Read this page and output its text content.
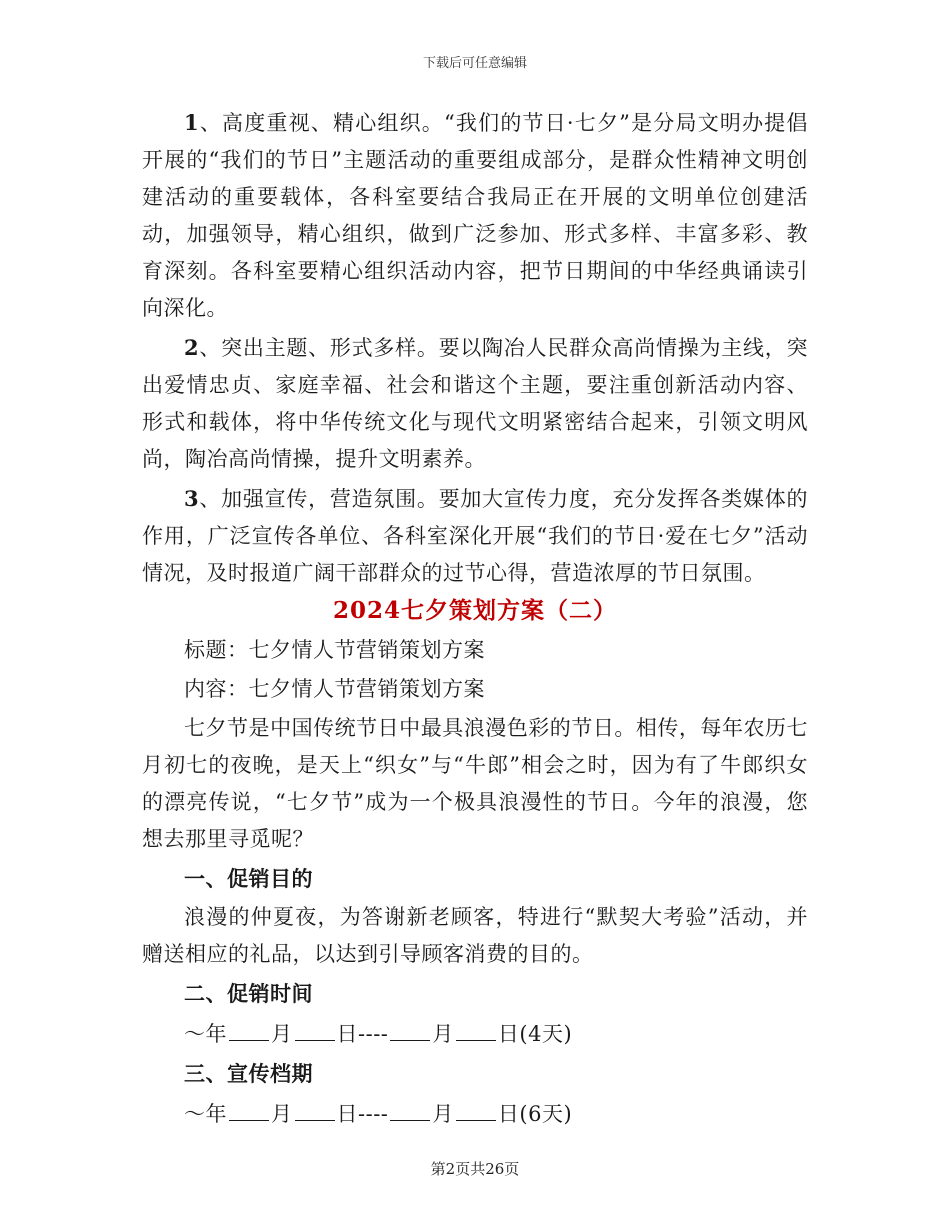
下载后可任意编辑

1、高度重视、精心组织。“我们的节日·七夕”是分局文明办提倡开展的“我们的节日”主题活动的重要组成部分，是群众性精神文明创建活动的重要载体，各科室要结合我局正在开展的文明单位创建活动，加强领导，精心组织，做到广泛参加、形式多样、丰富多彩、教育深刻。各科室要精心组织活动内容，把节日期间的中华经典诵读引向深化。

2、突出主题、形式多样。要以陶冶人民群众高尚情操为主线，突出爱情忠贞、家庭幸福、社会和谐这个主题，要注重创新活动内容、形式和载体，将中华传统文化与现代文明紧密结合起来，引领文明风尚，陶冶高尚情操，提升文明素养。

3、加强宣传，营造氛围。要加大宣传力度，充分发挥各类媒体的作用，广泛宣传各单位、各科室深化开展“我们的节日·爱在七夕”活动情况，及时报道广阔干部群众的过节心得，营造浓厚的节日氛围。

2024七夕策划方案（二）

标题：七夕情人节营销策划方案

内容：七夕情人节营销策划方案

七夕节是中国传统节日中最具浪漫色彩的节日。相传，每年农历七月初七的夜晚，是天上“织女”与“牛郎”相会之时，因为有了牛郎织女的漂亮传说，“七夕节”成为一个极具浪漫性的节日。今年的浪漫，您想去那里寻觅呢？

一、促销目的

浪漫的仲夏夜，为答谢新老顾客，特进行“默契大考验”活动，并赠送相应的礼品，以达到引导顾客消费的目的。

二、促销时间

～年 月 日---- 月 日(4天)

三、宣传档期

～年 月 日---- 月 日(6天)

第2页共26页
